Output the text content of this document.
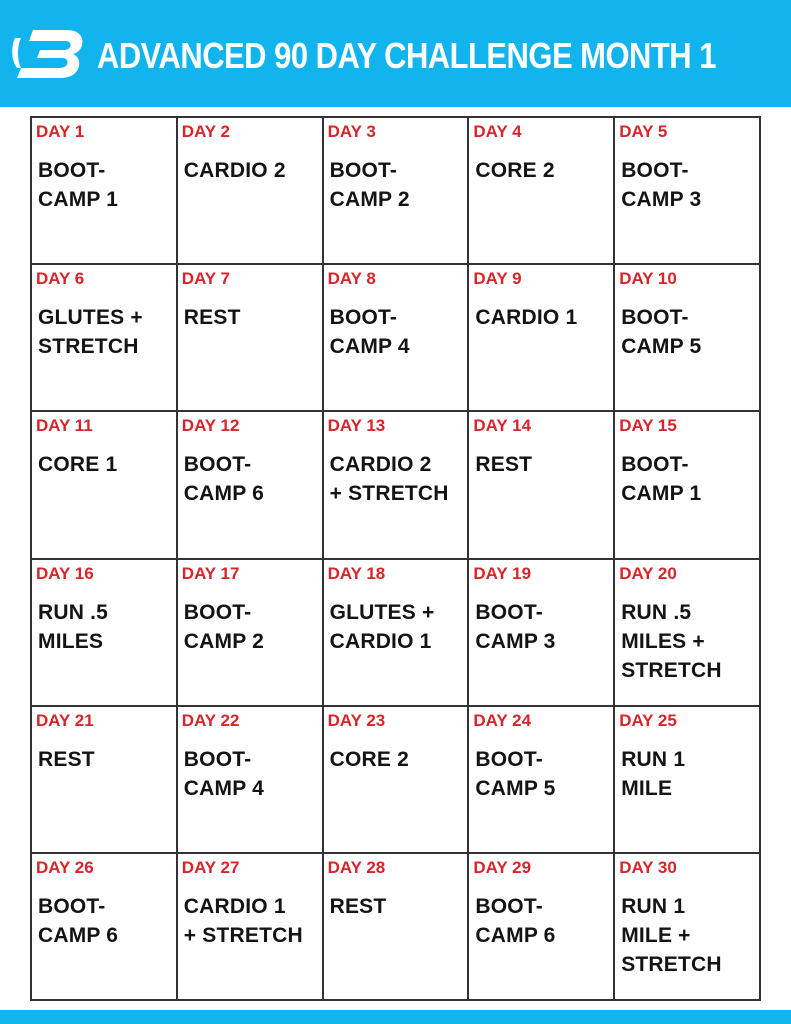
ADVANCED 90 DAY CHALLENGE MONTH 1
DAY 1
BOOT-
CAMP 1
DAY 2
CARDIO 2
DAY 3
BOOT-
CAMP 2
DAY 4
CORE 2
DAY 5
BOOT-
CAMP 3
DAY 6
GLUTES +
STRETCH
DAY 7
REST
DAY 8
BOOT-
CAMP 4
DAY 9
CARDIO 1
DAY 10
BOOT-
CAMP 5
DAY 11
CORE 1
DAY 12
BOOT-
CAMP 6
DAY 13
CARDIO 2
+ STRETCH
DAY 14
REST
DAY 15
BOOT-
CAMP 1
DAY 16
RUN .5
MILES
DAY 17
BOOT-
CAMP 2
DAY 18
GLUTES +
CARDIO 1
DAY 19
BOOT-
CAMP 3
DAY 20
RUN .5
MILES +
STRETCH
DAY 21
REST
DAY 22
BOOT-
CAMP 4
DAY 23
CORE 2
DAY 24
BOOT-
CAMP 5
DAY 25
RUN 1
MILE
DAY 26
BOOT-
CAMP 6
DAY 27
CARDIO 1
+ STRETCH
DAY 28
REST
DAY 29
BOOT-
CAMP 6
DAY 30
RUN 1
MILE +
STRETCH
